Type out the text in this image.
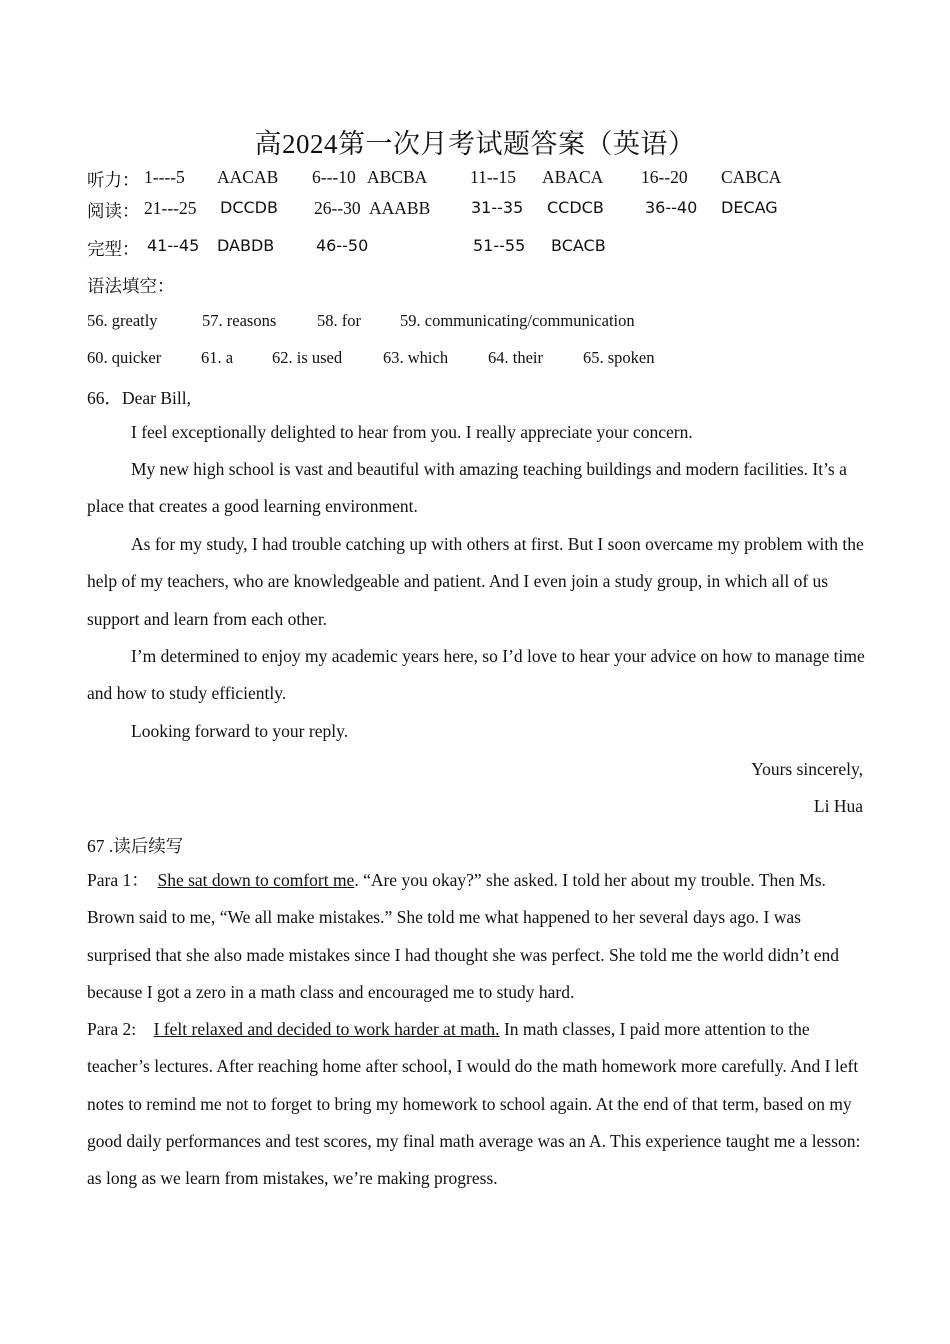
高2024第一次月考试题答案（英语）
听力： 1----5 AACAB 6---10 ABCBA 11--15 ABACA 16--20 CABCA
阅读： 21---25 DCCDB 26--30 AAABB	31--35 CCDCB	36--40 DECAG
完型： 41--45 DABDB	46--50	51--55 BCACB
语法填空：
56. greatly	57. reasons 58. for 59. communicating/communication
60. quicker 61. a 62. is used 63. which 64. their 65. spoken
66．Dear Bill,
I feel exceptionally delighted to hear from you. I really appreciate your concern.
My new high school is vast and beautiful with amazing teaching buildings and modern facilities. It’s a place that creates a good learning environment.
As for my study, I had trouble catching up with others at first. But I soon overcame my problem with the help of my teachers, who are knowledgeable and patient. And I even join a study group, in which all of us support and learn from each other.
I’m determined to enjoy my academic years here, so I’d love to hear your advice on how to manage time and how to study efficiently.
Looking forward to your reply.
Yours sincerely,
Li Hua
67 .读后续写
Para 1： She sat down to comfort me. “Are you okay?” she asked. I told her about my trouble. Then Ms. Brown said to me, “We all make mistakes.” She told me what happened to her several days ago. I was surprised that she also made mistakes since I had thought she was perfect. She told me the world didn’t end because I got a zero in a math class and encouraged me to study hard.
Para 2: I felt relaxed and decided to work harder at math. In math classes, I paid more attention to the teacher’s lectures. After reaching home after school, I would do the math homework more carefully. And I left notes to remind me not to forget to bring my homework to school again. At the end of that term, based on my good daily performances and test scores, my final math average was an A. This experience taught me a lesson: as long as we learn from mistakes, we’re making progress.
